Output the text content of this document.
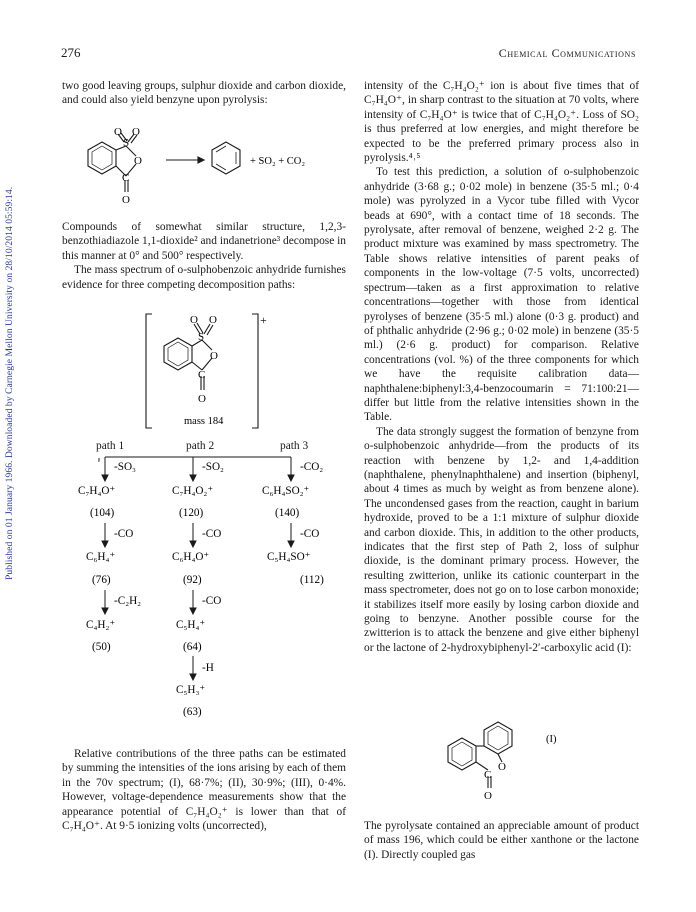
Published on 01 January 1966. Downloaded by Carnegie Mellon University on 28/10/2014 05:59:14.
276	Chemical Communications

two good leaving groups, sulphur dioxide and carbon dioxide, and could also yield benzyne upon pyrolysis:

O O
S
O
C
O
+ SO₂ + CO₂

Compounds of somewhat similar structure, 1,2,3-benzothiadiazole 1,1-dioxide² and indanetrione³ decompose in this manner at 0° and 500° respectively.

The mass spectrum of o-sulphobenzoic anhydride furnishes evidence for three competing decomposition paths:

+
O O
S
O
C
O
mass 184
-SO₃	-SO₂	-CO₂
C₇H₄O⁺	C₇H₄O₂⁺	C₆H₄SO₂⁺
(104)	(120)	(140)
-CO	-CO	-CO
C₆H₄⁺	C₆H₄O⁺	C₅H₄SO⁺
(76)	(92)	(112)
-C₂H₂	-CO
C₄H₂⁺	C₅H₄⁺
(50)	(64)
-H
C₅H₃⁺
(63)
path 1	path 2	path 3

Relative contributions of the three paths can be estimated by summing the intensities of the ions arising by each of them in the 70v spectrum; (I), 68·7%; (II), 30·9%; (III), 0·4%. However, voltage-dependence measurements show that the appearance potential of C₇H₄O₂⁺ is lower than that of C₇H₄O⁺. At 9·5 ionizing volts (uncorrected),

intensity of the C₇H₄O₂⁺ ion is about five times that of C₇H₄O⁺, in sharp contrast to the situation at 70 volts, where intensity of C₇H₄O⁺ is twice that of C₇H₄O₂⁺. Loss of SO₂ is thus preferred at low energies, and might therefore be expected to be the preferred primary process also in pyrolysis.⁴˒⁵

To test this prediction, a solution of o-sulphobenzoic anhydride (3·68 g.; 0·02 mole) in benzene (35·5 ml.; 0·4 mole) was pyrolyzed in a Vycor tube filled with Vycor beads at 690°, with a contact time of 18 seconds. The pyrolysate, after removal of benzene, weighed 2·2 g. The product mixture was examined by mass spectrometry. The Table shows relative intensities of parent peaks of components in the low-voltage (7·5 volts, uncorrected) spectrum—taken as a first approximation to relative concentrations—together with those from identical pyrolyses of benzene (35·5 ml.) alone (0·3 g. product) and of phthalic anhydride (2·96 g.; 0·02 mole) in benzene (35·5 ml.) (2·6 g. product) for comparison. Relative concentrations (vol. %) of the three components for which we have the requisite calibration data—naphthalene:biphenyl:3,4-benzocoumarin = 71:100:21—differ but little from the relative intensities shown in the Table.

The data strongly suggest the formation of benzyne from o-sulphobenzoic anhydride—from the products of its reaction with benzene by 1,2- and 1,4-addition (naphthalene, phenylnaphthalene) and insertion (biphenyl, about 4 times as much by weight as from benzene alone). The uncondensed gases from the reaction, caught in barium hydroxide, proved to be a 1:1 mixture of sulphur dioxide and carbon dioxide. This, in addition to the other products, indicates that the first step of Path 2, loss of sulphur dioxide, is the dominant primary process. However, the resulting zwitterion, unlike its cationic counterpart in the mass spectrometer, does not go on to lose carbon monoxide; it stabilizes itself more easily by losing carbon dioxide and going to benzyne. Another possible course for the zwitterion is to attack the benzene and give either biphenyl or the lactone of 2-hydroxybiphenyl-2′-carboxylic acid (I):

O
C
O
(I)

The pyrolysate contained an appreciable amount of product of mass 196, which could be either xanthone or the lactone (I). Directly coupled gas
